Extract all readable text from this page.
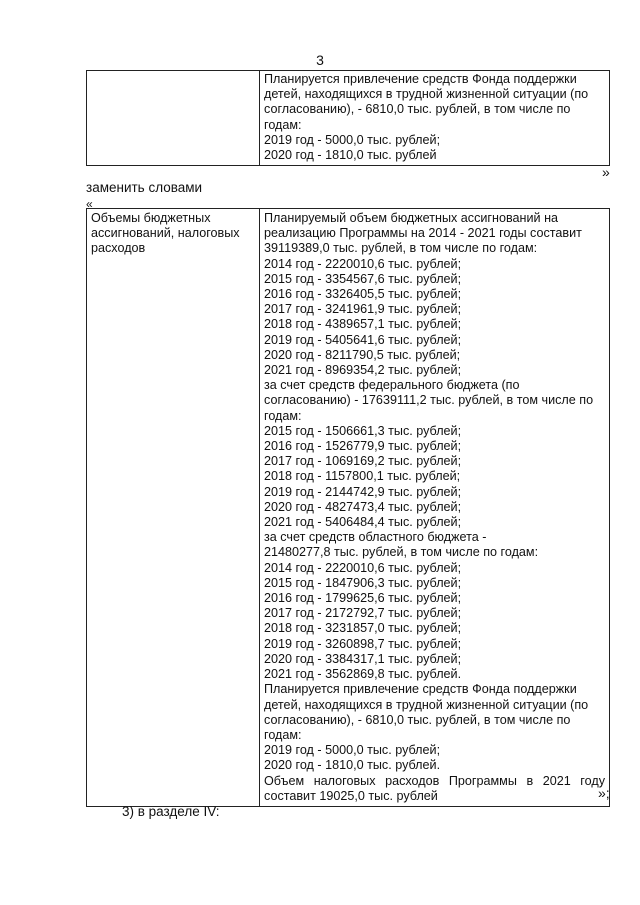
3

Планируется привлечение средств Фонда поддержки
детей, находящихся в трудной жизненной ситуации (по
согласованию), - 6810,0 тыс. рублей, в том числе по
годам:
2019 год - 5000,0 тыс. рублей;
2020 год - 1810,0 тыс. рублей
»
заменить словами
«
Объемы бюджетных
ассигнований, налоговых
расходов

Планируемый объем бюджетных ассигнований на
реализацию Программы на 2014 - 2021 годы составит
39119389,0 тыс. рублей, в том числе по годам:
2014 год - 2220010,6 тыс. рублей;
2015 год - 3354567,6 тыс. рублей;
2016 год - 3326405,5 тыс. рублей;
2017 год - 3241961,9 тыс. рублей;
2018 год - 4389657,1 тыс. рублей;
2019 год - 5405641,6 тыс. рублей;
2020 год - 8211790,5 тыс. рублей;
2021 год - 8969354,2 тыс. рублей;
за счет средств федерального бюджета (по
согласованию) - 17639111,2 тыс. рублей, в том числе по
годам:
2015 год - 1506661,3 тыс. рублей;
2016 год - 1526779,9 тыс. рублей;
2017 год - 1069169,2 тыс. рублей;
2018 год - 1157800,1 тыс. рублей;
2019 год - 2144742,9 тыс. рублей;
2020 год - 4827473,4 тыс. рублей;
2021 год - 5406484,4 тыс. рублей;
за счет средств областного бюджета -
21480277,8 тыс. рублей, в том числе по годам:
2014 год - 2220010,6 тыс. рублей;
2015 год - 1847906,3 тыс. рублей;
2016 год - 1799625,6 тыс. рублей;
2017 год - 2172792,7 тыс. рублей;
2018 год - 3231857,0 тыс. рублей;
2019 год - 3260898,7 тыс. рублей;
2020 год - 3384317,1 тыс. рублей;
2021 год - 3562869,8 тыс. рублей.
Планируется привлечение средств Фонда поддержки
детей, находящихся в трудной жизненной ситуации (по
согласованию), - 6810,0 тыс. рублей, в том числе по
годам:
2019 год - 5000,0 тыс. рублей;
2020 год - 1810,0 тыс. рублей.
Объем налоговых расходов Программы в 2021 году
составит 19025,0 тыс. рублей	»;
3) в разделе IV:
